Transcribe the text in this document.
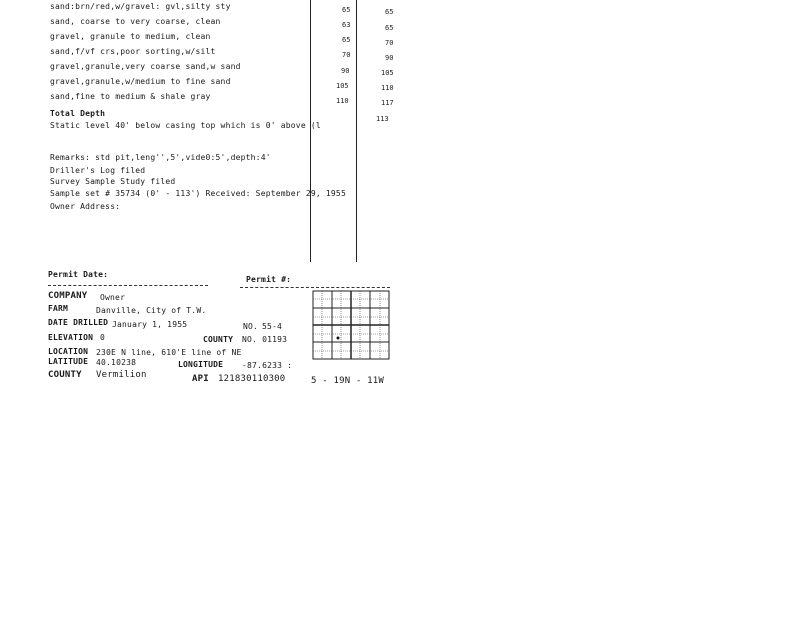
sand:brn/red,w/gravel: gvl,silty sty	65	65
sand, coarse to very coarse, clean	63	65
gravel, granule to medium, clean	65	70
sand,f/vf crs,poor sorting,w/silt	70	90
gravel,granule,very coarse sand,w sand	90	105
gravel,granule,w/medium to fine sand	105	110
sand,fine to medium & shale gray	110	117
Total Depth
113
Static level 40' below casing top which is 0' above (l
Remarks: std pit,leng'',5',vide0:5',depth:4'
Driller's Log filed
Survey Sample Study filed
Sample set # 35734 (0' - 113') Received: September 29, 1955
Owner Address:
Permit Date:
Permit #:
COMPANY Owner
FARM	Danville, City of T.W.
DATE DRILLED January 1, 1955	NO. 55-4
ELEVATION 0	COUNTY NO. 01193
LOCATION 230E N line, 610'E line of NE
LATITUDE 40.10238	LONGITUDE -87.6233 :
COUNTY Vermilion	API 121830110300	5 - 19N - 11W
